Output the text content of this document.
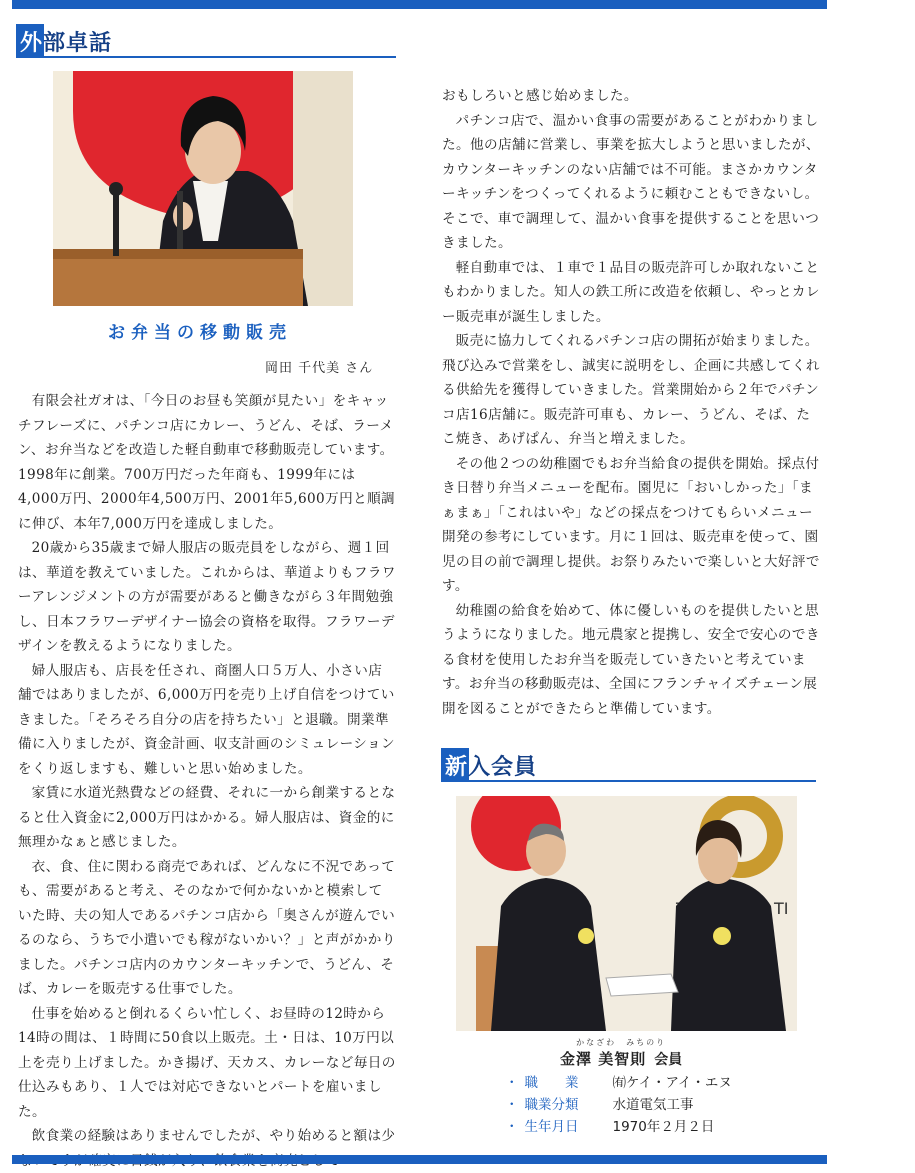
外部卓話
お弁当の移動販売
岡田 千代美 さん

有限会社ガオは、「今日のお昼も笑顔が見たい」をキャッチフレーズに、パチンコ店にカレー、うどん、そば、ラーメン、お弁当などを改造した軽自動車で移動販売しています。1998年に創業。700万円だった年商も、1999年には4,000万円、2000年4,500万円、2001年5,600万円と順調に伸び、本年7,000万円を達成しました。

20歳から35歳まで婦人服店の販売員をしながら、週１回は、華道を教えていました。これからは、華道よりもフラワーアレンジメントの方が需要があると働きながら３年間勉強し、日本フラワーデザイナー協会の資格を取得。フラワーデザインを教えるようになりました。

婦人服店も、店長を任され、商圏人口５万人、小さい店舗ではありましたが、6,000万円を売り上げ自信をつけていきました。「そろそろ自分の店を持ちたい」と退職。開業準備に入りましたが、資金計画、収支計画のシミュレーションをくり返しますも、難しいと思い始めました。

家賃に水道光熱費などの経費、それに一から創業するとなると仕入資金に2,000万円はかかる。婦人服店は、資金的に無理かなぁと感じました。

衣、食、住に関わる商売であれば、どんなに不況であっても、需要があると考え、そのなかで何かないかと模索していた時、夫の知人であるパチンコ店から「奥さんが遊んでいるのなら、うちで小遣いでも稼がないかい？」と声がかかりました。パチンコ店内のカウンターキッチンで、うどん、そば、カレーを販売する仕事でした。

仕事を始めると倒れるくらい忙しく、お昼時の12時から14時の間は、１時間に50食以上販売。土・日は、10万円以上を売り上げました。かき揚げ、天カス、カレーなど毎日の仕込みもあり、１人では対応できないとパートを雇いました。

飲食業の経験はありませんでしたが、やり始めると額は少

おもしろいと感じ始めました。

パチンコ店で、温かい食事の需要があることがわかりました。他の店舗に営業し、事業を拡大しようと思いましたが、カウンターキッチンのない店舗では不可能。まさかカウンターキッチンをつくってくれるように頼むこともできないし。そこで、車で調理して、温かい食事を提供することを思いつきました。

軽自動車では、１車で１品目の販売許可しか取れないこともわかりました。知人の鉄工所に改造を依頼し、やっとカレー販売車が誕生しました。

販売に協力してくれるパチンコ店の開拓が始まりました。飛び込みで営業をし、誠実に説明をし、企画に共感してくれる供給先を獲得していきました。営業開始から２年でパチンコ店16店舗に。販売許可車も、カレー、うどん、そば、たこ焼き、あげぱん、弁当と増えました。

その他２つの幼稚園でもお弁当給食の提供を開始。採点付き日替り弁当メニューを配布。園児に「おいしかった」「まぁまぁ」「これはいや」などの採点をつけてもらいメニュー開発の参考にしています。月に１回は、販売車を使って、園児の目の前で調理し提供。お祭りみたいで楽しいと大好評です。

幼稚園の給食を始めて、体に優しいものを提供したいと思うようになりました。地元農家と提携し、安全で安心のできる食材を使用したお弁当を販売していきたいと考えています。お弁当の移動販売は、全国にフランチャイズチェーン展開を図ることができたらと準備しています。

新入会員
TI
かなざわ　みちのり
金澤 美智則 会員
・ 職　　業	㈲ケイ・アイ・エヌ
・ 職業分類	水道電気工事
・ 生年月日	1970年２月２日
